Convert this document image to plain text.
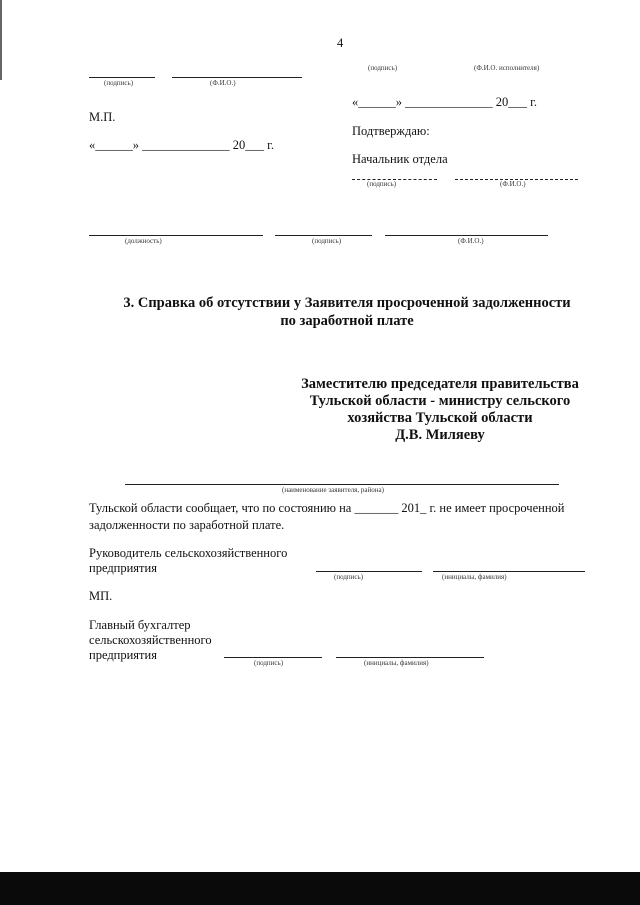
4
(подпись)	(Ф.И.О.)
(подпись)	(Ф.И.О. исполнителя)
«______» ______________ 20___ г.
М.П.
«______» ______________ 20___ г.
Подтверждаю:
Начальник отдела
(подпись)	(Ф.И.О.)
(должность)	(подпись)	(Ф.И.О.)
3. Справка об отсутствии у Заявителя просроченной задолженности
по заработной плате
Заместителю председателя правительства
Тульской области - министру сельского
хозяйства Тульской области
Д.В. Миляеву
(наименование заявителя, района)
Тульской области сообщает, что по состоянию на _______ 201_ г. не имеет просроченной
задолженности по заработной плате.
Руководитель сельскохозяйственного
предприятия
(подпись)	(инициалы, фамилия)
МП.
Главный бухгалтер
сельскохозяйственного
предприятия
(подпись)	(инициалы, фамилия)
